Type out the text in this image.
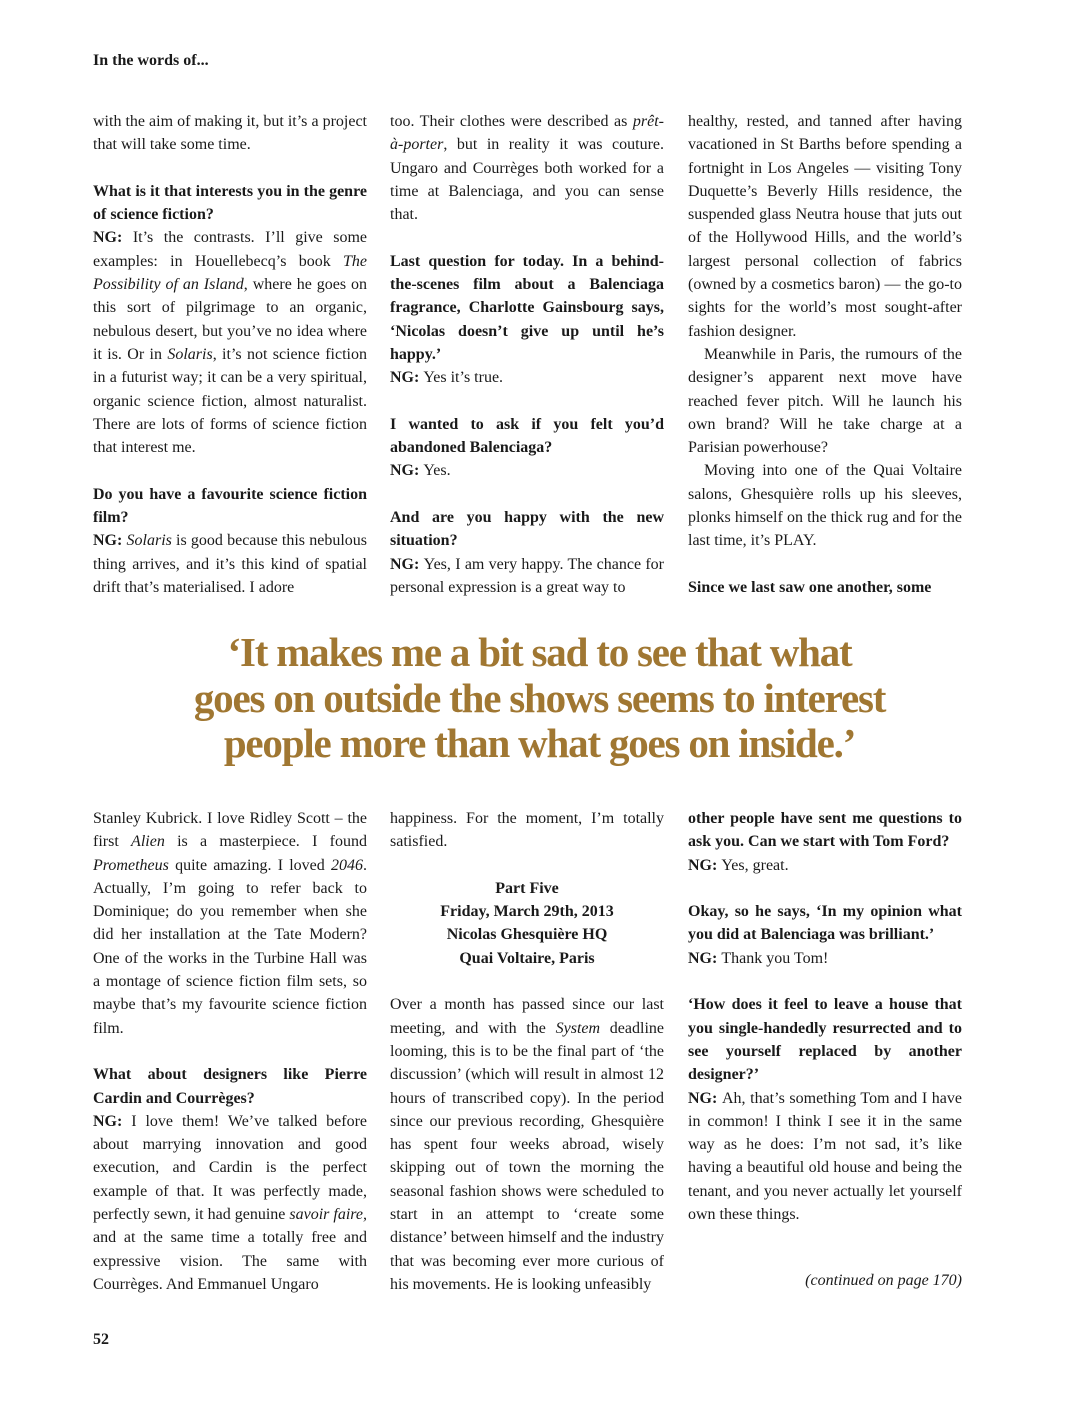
In the words of...

with the aim of making it, but it’s a project that will take some time.

What is it that interests you in the genre of science fiction?

NG: It’s the contrasts. I’ll give some examples: in Houellebecq’s book The Possibility of an Island, where he goes on this sort of pilgrimage to an organic, nebulous desert, but you’ve no idea where it is. Or in Solaris, it’s not science fiction in a futurist way; it can be a very spiritual, organic science fiction, almost naturalist. There are lots of forms of science fiction that interest me.

Do you have a favourite science fiction film?

NG: Solaris is good because this nebulous thing arrives, and it’s this kind of spatial drift that’s materialised. I adore

too. Their clothes were described as prêt-à-porter, but in reality it was couture. Ungaro and Courrèges both worked for a time at Balenciaga, and you can sense that.

Last question for today. In a behind-the-scenes film about a Balenciaga fragrance, Charlotte Gainsbourg says, ‘Nicolas doesn’t give up until he’s happy.’

NG: Yes it’s true.

I wanted to ask if you felt you’d abandoned Balenciaga?

NG: Yes.

And are you happy with the new situation?

NG: Yes, I am very happy. The chance for personal expression is a great way to

healthy, rested, and tanned after having vacationed in St Barths before spending a fortnight in Los Angeles — visiting Tony Duquette’s Beverly Hills residence, the suspended glass Neutra house that juts out of the Hollywood Hills, and the world’s largest personal collection of fabrics (owned by a cosmetics baron) — the go-to sights for the world’s most sought-after fashion designer.

Meanwhile in Paris, the rumours of the designer’s apparent next move have reached fever pitch. Will he launch his own brand? Will he take charge at a Parisian powerhouse?

Moving into one of the Quai Voltaire salons, Ghesquière rolls up his sleeves, plonks himself on the thick rug and for the last time, it’s PLAY.

Since we last saw one another, some

‘It makes me a bit sad to see that what
goes on outside the shows seems to interest
people more than what goes on inside.’

Stanley Kubrick. I love Ridley Scott – the first Alien is a masterpiece. I found Prometheus quite amazing. I loved 2046. Actually, I’m going to refer back to Dominique; do you remember when she did her installation at the Tate Modern? One of the works in the Turbine Hall was a montage of science fiction film sets, so maybe that’s my favourite science fiction film.

What about designers like Pierre Cardin and Courrèges?

NG: I love them! We’ve talked before about marrying innovation and good execution, and Cardin is the perfect example of that. It was perfectly made, perfectly sewn, it had genuine savoir faire, and at the same time a totally free and expressive vision. The same with Courrèges. And Emmanuel Ungaro

happiness. For the moment, I’m totally satisfied.

Part Five

Friday, March 29th, 2013

Nicolas Ghesquière HQ

Quai Voltaire, Paris

Over a month has passed since our last meeting, and with the System deadline looming, this is to be the final part of ‘the discussion’ (which will result in almost 12 hours of transcribed copy). In the period since our previous recording, Ghesquière has spent four weeks abroad, wisely skipping out of town the morning the seasonal fashion shows were scheduled to start in an attempt to ‘create some distance’ between himself and the industry that was becoming ever more curious of his movements. He is looking unfeasibly

other people have sent me questions to ask you. Can we start with Tom Ford?

NG: Yes, great.

Okay, so he says, ‘In my opinion what you did at Balenciaga was brilliant.’

NG: Thank you Tom!

‘How does it feel to leave a house that you single-handedly resurrected and to see yourself replaced by another designer?’

NG: Ah, that’s something Tom and I have in common! I think I see it in the same way as he does: I’m not sad, it’s like having a beautiful old house and being the tenant, and you never actually let yourself own these things.

(continued on page 170)
52
